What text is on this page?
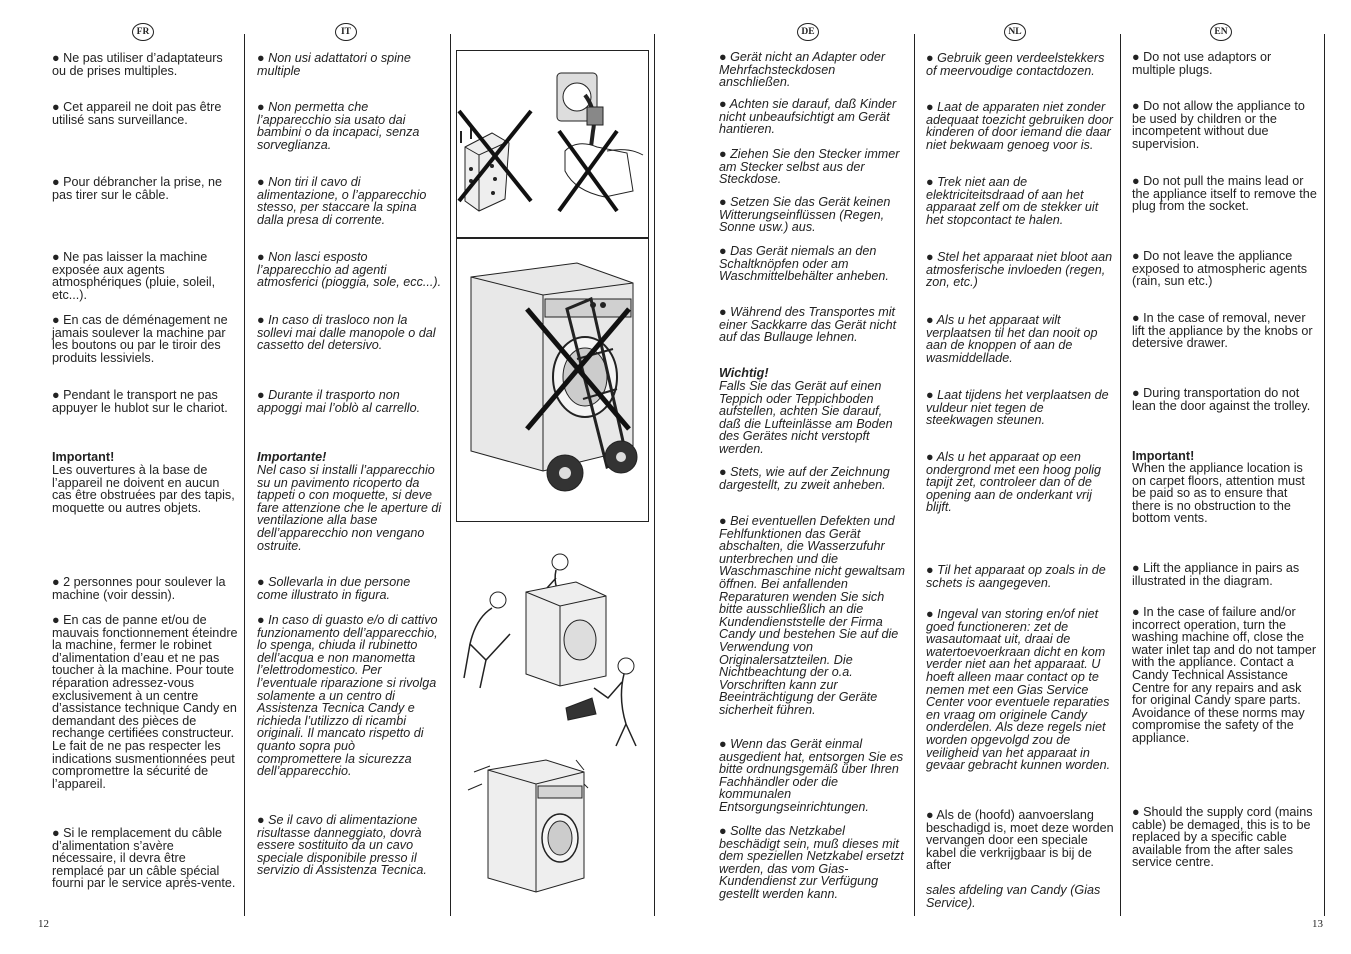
FR	IT	DE	NL	EN

● Ne pas utiliser d’adaptateurs ou de prises multiples.

● Cet appareil ne doit pas être utilisé sans surveillance.

● Pour débrancher la prise, ne pas tirer sur le câble.

● Ne pas laisser la machine exposée aux agents atmosphériques (pluie, soleil, etc...).

● En cas de déménagement ne jamais soulever la machine par les boutons ou par le tiroir des produits lessiviels.

● Pendant le transport ne pas appuyer le hublot sur le chariot.

Important!

Les ouvertures à la base de l’appareil ne doivent en aucun cas être obstruées par des tapis, moquette ou autres objets.

● 2 personnes pour soulever la machine (voir dessin).

● En cas de panne et/ou de mauvais fonctionnement éteindre la machine, fermer le robinet d’alimentation d’eau et ne pas toucher à la machine. Pour toute réparation adressez-vous exclusivement à un centre d’assistance technique Candy en demandant des pièces de rechange certifiées constructeur. Le fait de ne pas respecter les indications susmentionnées peut compromettre la sécurité de l’appareil.

● Si le remplacement du câble d’alimentation s’avère nécessaire, il devra être remplacé par un câble spécial fourni par le service après-vente.

● Non usi adattatori o spine multiple

● Non permetta che l’apparecchio sia usato dai bambini o da incapaci, senza sorveglianza.

● Non tiri il cavo di alimentazione, o l’apparecchio stesso, per staccare la spina dalla presa di corrente.

● Non lasci esposto l’apparecchio ad agenti atmosferici (pioggia, sole, ecc...).

● In caso di trasloco non la sollevi mai dalle manopole o dal cassetto del detersivo.

● Durante il trasporto non appoggi mai l’oblò al carrello.

Importante!

Nel caso si installi l’apparecchio su un pavimento ricoperto da tappeti o con moquette, si deve fare attenzione che le aperture di ventilazione alla base dell’apparecchio non vengano ostruite.

● Sollevarla in due persone come illustrato in figura.

● In caso di guasto e/o di cattivo funzionamento dell’apparecchio, lo spenga, chiuda il rubinetto dell’acqua e non manometta l’elettrodomestico. Per l’eventuale riparazione si rivolga solamente a un centro di Assistenza Tecnica Candy e richieda l’utilizzo di ricambi originali. Il mancato rispetto di quanto sopra può compromettere la sicurezza dell’apparecchio.

● Se il cavo di alimentazione risultasse danneggiato, dovrà essere sostituito da un cavo speciale disponibile presso il servizio di Assistenza Tecnica.

● Gerät nicht an Adapter oder Mehrfachsteckdosen anschließen.

● Achten sie darauf, daß Kinder nicht unbeaufsichtigt am Gerät hantieren.

● Ziehen Sie den Stecker immer am Stecker selbst aus der Steckdose.

● Setzen Sie das Gerät keinen Witterungseinflüssen (Regen, Sonne usw.) aus.

● Das Gerät niemals an den Schaltknöpfen oder am Waschmittelbehälter anheben.

● Während des Transportes mit einer Sackkarre das Gerät nicht auf das Bullauge lehnen.

Wichtig!

Falls Sie das Gerät auf einen Teppich oder Teppichboden aufstellen, achten Sie darauf, daß die Lufteinlässe am Boden des Gerätes nicht verstopft werden.

● Stets, wie auf der Zeichnung dargestellt, zu zweit anheben.

● Bei eventuellen Defekten und Fehlfunktionen das Gerät abschalten, die Wasserzufuhr unterbrechen und die Waschmaschine nicht gewaltsam öffnen. Bei anfallenden Reparaturen wenden Sie sich bitte ausschließlich an die Kundendienststelle der Firma Candy und bestehen Sie auf die Verwendung von Originalersatzteilen. Die Nichtbeachtung der o.a. Vorschriften kann zur Beeinträchtigung der Geräte sicherheit führen.

● Wenn das Gerät einmal ausgedient hat, entsorgen Sie es bitte ordnungsgemäß über Ihren Fachhändler oder die kommunalen Entsorgungseinrichtungen.

● Sollte das Netzkabel beschädigt sein, muß dieses mit dem speziellen Netzkabel ersetzt werden, das vom Gias-Kundendienst zur Verfügung gestellt werden kann.

● Gebruik geen verdeelstekkers of meervoudige contactdozen.

● Laat de apparaten niet zonder adequaat toezicht gebruiken door kinderen of door iemand die daar niet bekwaam genoeg voor is.

● Trek niet aan de elektriciteitsdraad of aan het apparaat zelf om de stekker uit het stopcontact te halen.

● Stel het apparaat niet bloot aan atmosferische invloeden (regen, zon, etc.)

● Als u het apparaat wilt verplaatsen til het dan nooit op aan de knoppen of aan de wasmiddellade.

● Laat tijdens het verplaatsen de vuldeur niet tegen de steekwagen steunen.

● Als u het apparaat op een ondergrond met een hoog polig tapijt zet, controleer dan of de opening aan de onderkant vrij blijft.

● Til het apparaat op zoals in de schets is aangegeven.

● Ingeval van storing en/of niet goed functioneren: zet de wasautomaat uit, draai de watertoevoerkraan dicht en kom verder niet aan het apparaat. U hoeft alleen maar contact op te nemen met een Gias Service Center voor eventuele reparaties en vraag om originele Candy onderdelen. Als deze regels niet worden opgevolgd zou de veiligheid van het apparaat in gevaar gebracht kunnen worden.

● Als de (hoofd) aanvoerslang beschadigd is, moet deze worden vervangen door een speciale kabel die verkrijgbaar is bij de after

sales afdeling van Candy (Gias Service).

● Do not use adaptors or multiple plugs.

● Do not allow the appliance to be used by children or the incompetent without due supervision.

● Do not pull the mains lead or the appliance itself to remove the plug from the socket.

● Do not leave the appliance exposed to atmospheric agents (rain, sun etc.)

● In the case of removal, never lift the appliance by the knobs or detersive drawer.

● During transportation do not lean the door against the trolley.

Important!

When the appliance location is on carpet floors, attention must be paid so as to ensure that there is no obstruction to the bottom vents.

● Lift the appliance in pairs as illustrated in the diagram.

● In the case of failure and/or incorrect operation, turn the washing machine off, close the water inlet tap and do not tamper with the appliance. Contact a Candy Technical Assistance Centre for any repairs and ask for original Candy spare parts. Avoidance of these norms may compromise the safety of the appliance.

● Should the supply cord (mains cable) be demaged, this is to be replaced by a specific cable available from the after sales service centre.

12	13
